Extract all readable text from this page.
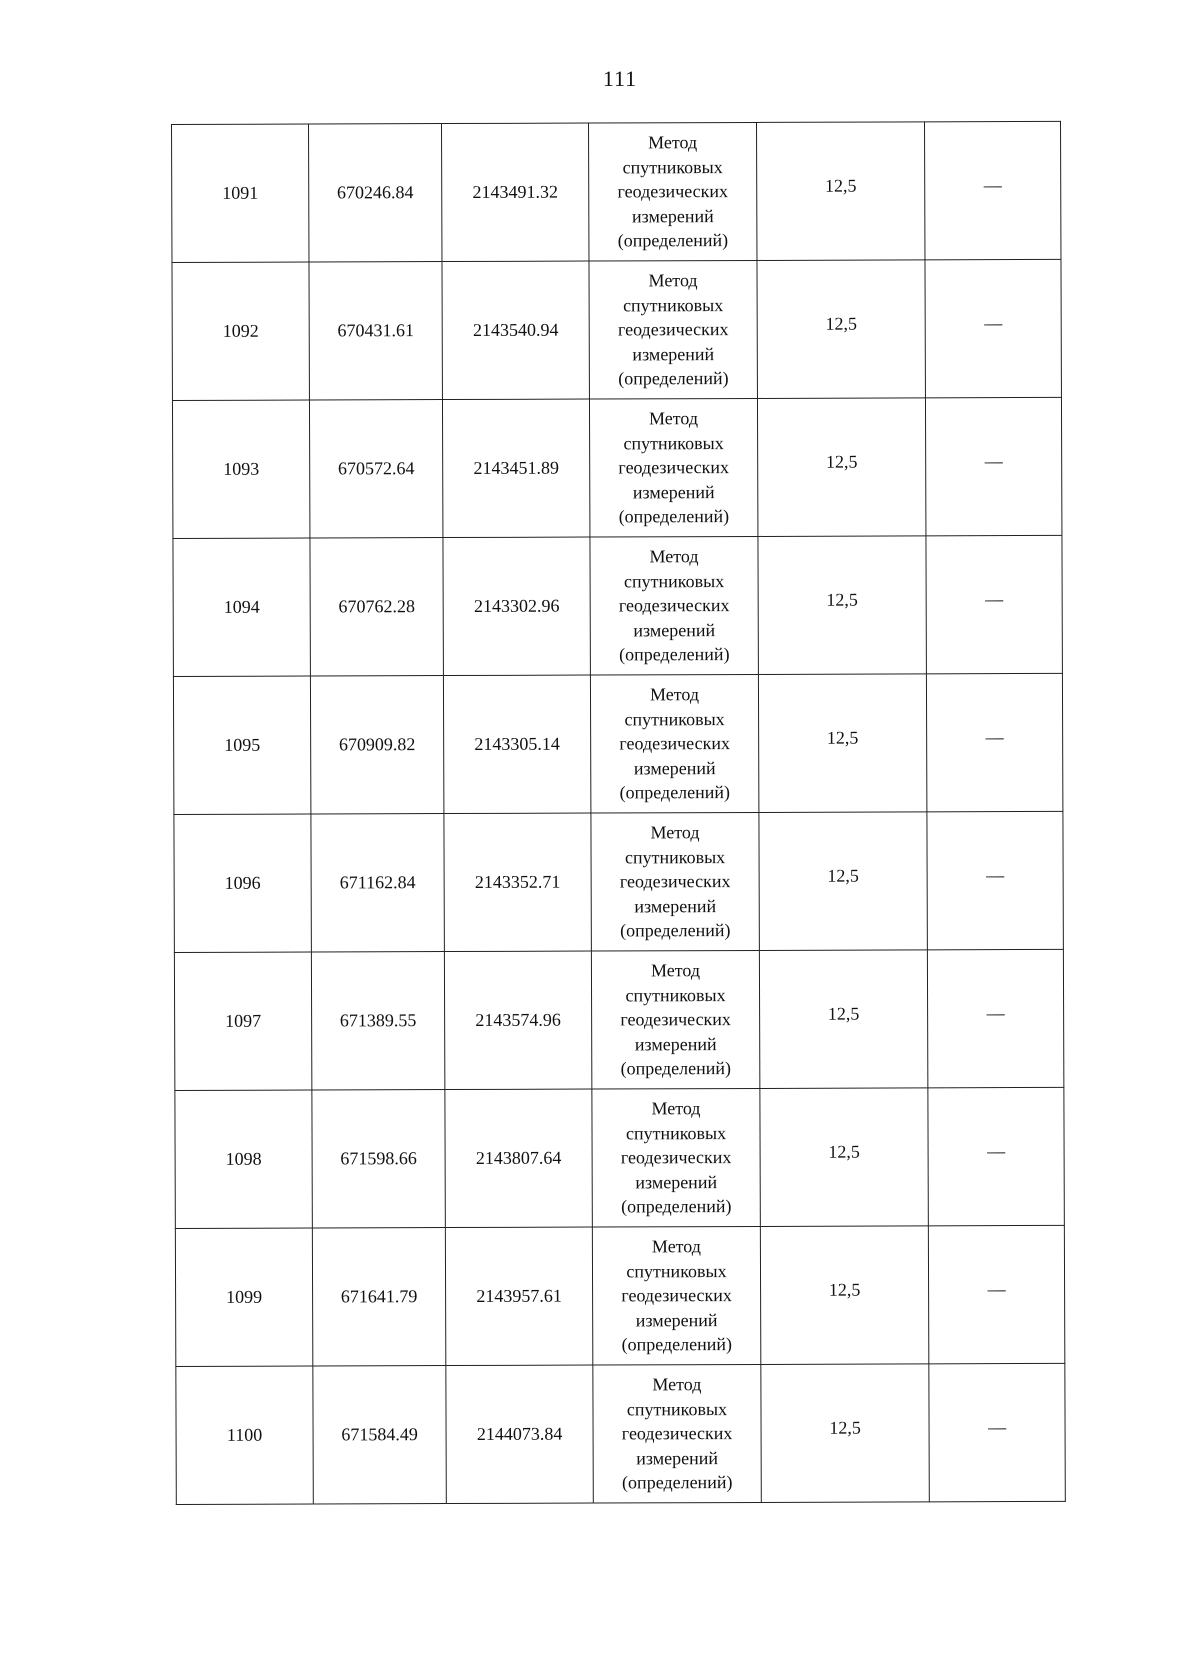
111
1091	670246.84	2143491.32	Метод
спутниковых
геодезических
измерений
(определений)	12,5	—
1092	670431.61	2143540.94	Метод
спутниковых
геодезических
измерений
(определений)	12,5	—
1093	670572.64	2143451.89	Метод
спутниковых
геодезических
измерений
(определений)	12,5	—
1094	670762.28	2143302.96	Метод
спутниковых
геодезических
измерений
(определений)	12,5	—
1095	670909.82	2143305.14	Метод
спутниковых
геодезических
измерений
(определений)	12,5	—
1096	671162.84	2143352.71	Метод
спутниковых
геодезических
измерений
(определений)	12,5	—
1097	671389.55	2143574.96	Метод
спутниковых
геодезических
измерений
(определений)	12,5	—
1098	671598.66	2143807.64	Метод
спутниковых
геодезических
измерений
(определений)	12,5	—
1099	671641.79	2143957.61	Метод
спутниковых
геодезических
измерений
(определений)	12,5	—
1100	671584.49	2144073.84	Метод
спутниковых
геодезических
измерений
(определений)	12,5	—
